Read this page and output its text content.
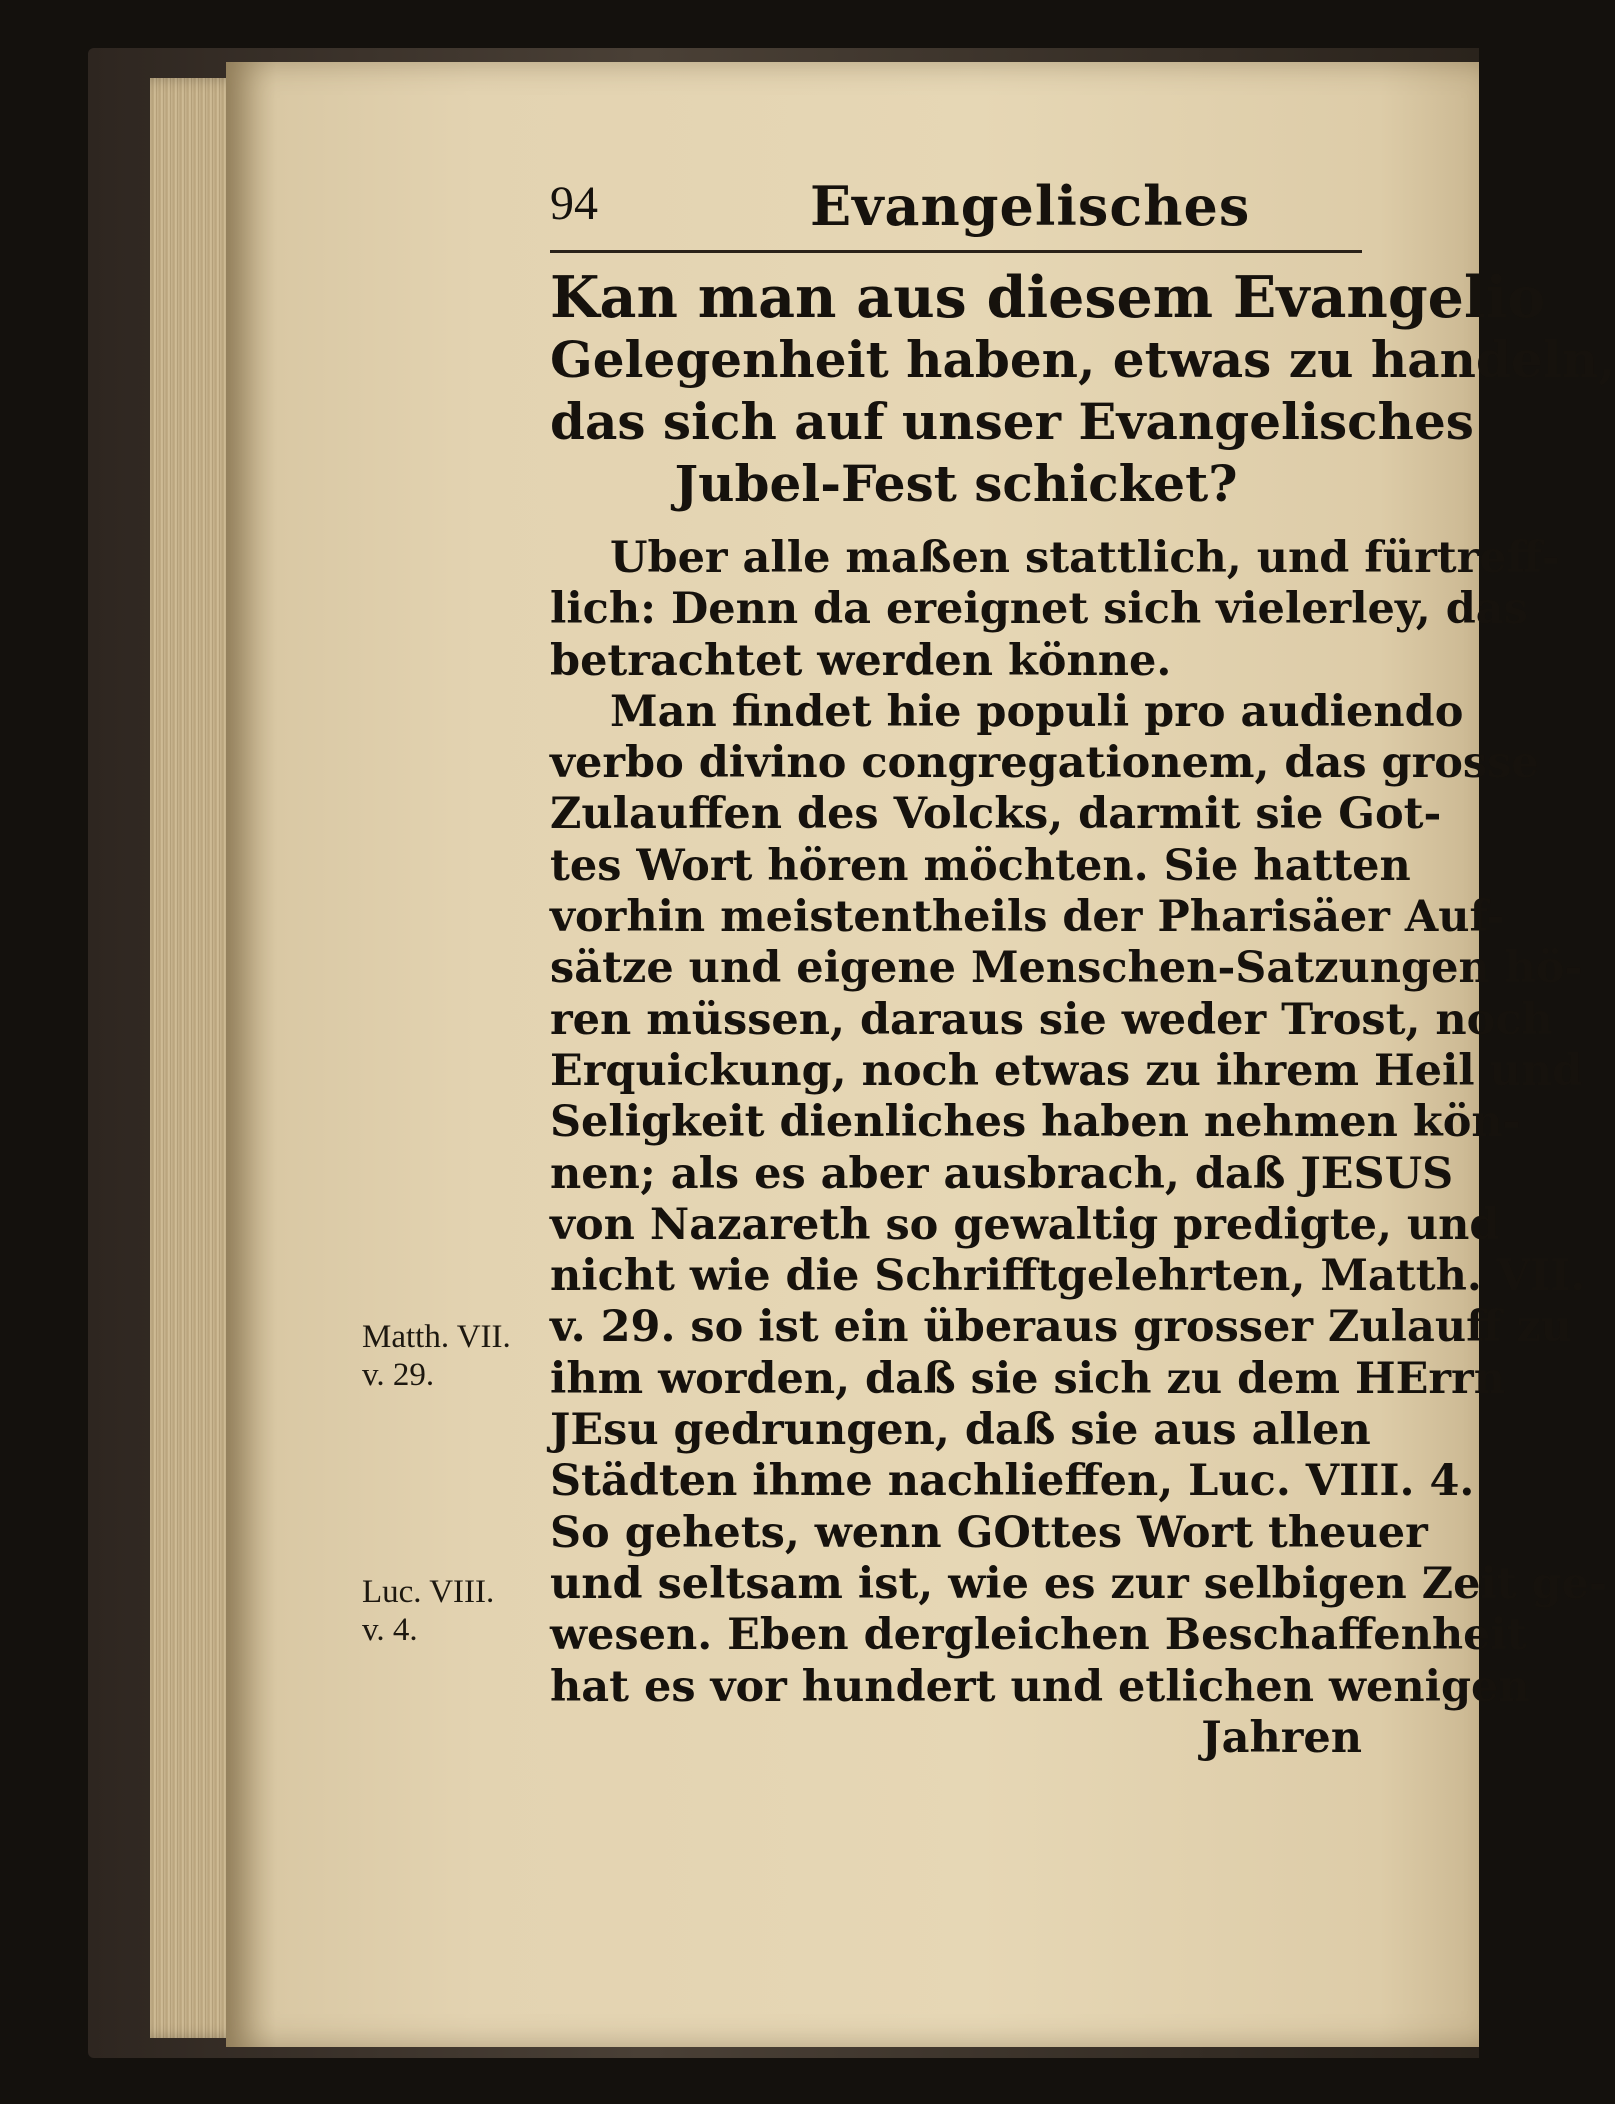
94	Evangelisches
Kan man aus diesem Evangelio
Gelegenheit haben, etwas zu handeln,
das sich auf unser Evangelisches
Jubel-Fest schicket?
Uber alle maßen stattlich, und fürtreff-
lich: Denn da ereignet sich vielerley, das
betrachtet werden könne.
Man findet hie populi pro audiendo
verbo divino congregationem, das grosse
Zulauffen des Volcks, darmit sie Got-
tes Wort hören möchten. Sie hatten
vorhin meistentheils der Pharisäer Auf-
sätze und eigene Menschen-Satzungen hö-
ren müssen, daraus sie weder Trost, noch
Erquickung, noch etwas zu ihrem Heil und
Seligkeit dienliches haben nehmen kön-
nen; als es aber ausbrach, daß JESUS
von Nazareth so gewaltig predigte, und
nicht wie die Schrifftgelehrten, Matth. VII.
v. 29. so ist ein überaus grosser Zulauff zu
ihm worden, daß sie sich zu dem HErrn
JEsu gedrungen, daß sie aus allen
Städten ihme nachlieffen, Luc. VIII. 4.
So gehets, wenn GOttes Wort theuer
und seltsam ist, wie es zur selbigen Zeit ge-
wesen. Eben dergleichen Beschaffenheit
hat es vor hundert und etlichen wenigen
Jahren
Matth. VII.
v. 29.
Luc. VIII.
v. 4.
